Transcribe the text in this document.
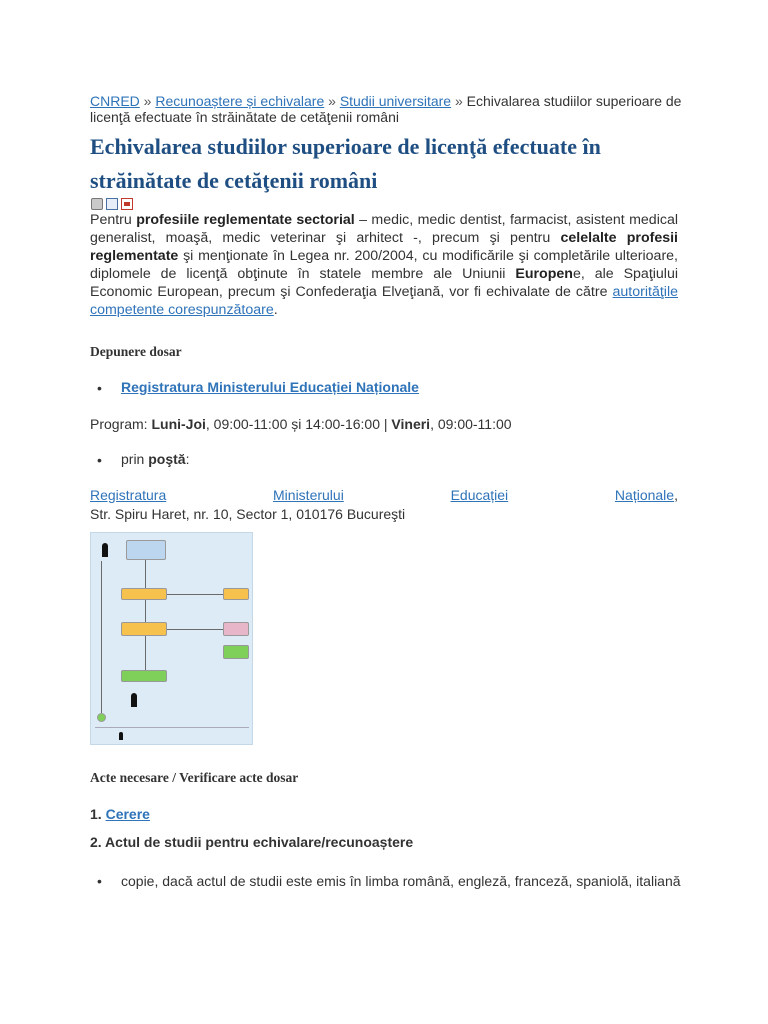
CNRED » Recunoaștere și echivalare » Studii universitare » Echivalarea studiilor superioare de licenţă efectuate în străinătate de cetăţenii români
Echivalarea studiilor superioare de licenţă efectuate în străinătate de cetăţenii români
Pentru profesiile reglementate sectorial – medic, medic dentist, farmacist, asistent medical generalist, moaşă, medic veterinar şi arhitect -, precum şi pentru celelalte profesii reglementate şi menţionate în Legea nr. 200/2004, cu modificările şi completările ulterioare, diplomele de licenţă obţinute în statele membre ale Uniunii Europene, ale Spaţiului Economic European, precum şi Confederaţia Elveţiană, vor fi echivalate de către autorităţile competente corespunzătoare.
Depunere dosar
• Registratura Ministerului Educației Naționale
Program: Luni-Joi, 09:00-11:00 și 14:00-16:00 | Vineri, 09:00-11:00
• prin poştă:
Registratura	Ministerului	Educației	Naționale,
Str. Spiru Haret, nr. 10, Sector 1, 010176 Bucureşti
Acte necesare / Verificare acte dosar
1. Cerere
2. Actul de studii pentru echivalare/recunoaștere
• copie, dacă actul de studii este emis în limba română, engleză, franceză, spaniolă, italiană
